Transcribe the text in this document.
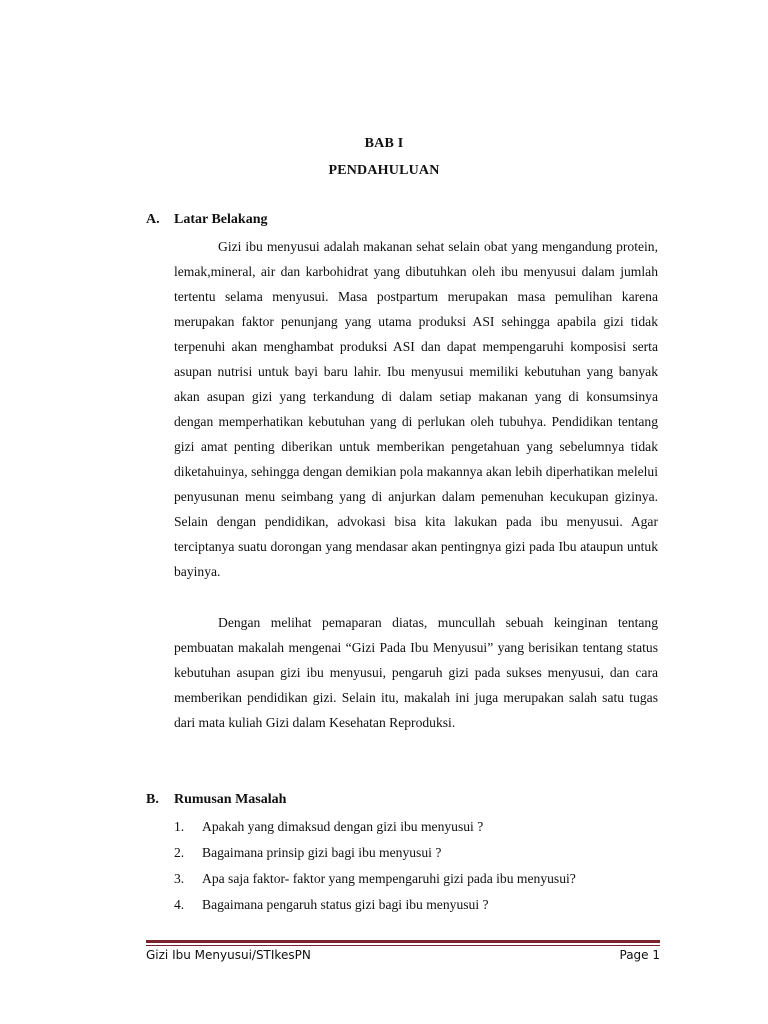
BAB I
PENDAHULUAN
A. Latar Belakang

Gizi ibu menyusui adalah makanan sehat selain obat yang mengandung protein, lemak,mineral, air dan karbohidrat yang dibutuhkan oleh ibu menyusui dalam jumlah tertentu selama menyusui. Masa postpartum merupakan masa pemulihan karena merupakan faktor penunjang yang utama produksi ASI sehingga apabila gizi tidak terpenuhi akan menghambat produksi ASI dan dapat mempengaruhi komposisi serta asupan nutrisi untuk bayi baru lahir. Ibu menyusui memiliki kebutuhan yang banyak akan asupan gizi yang terkandung di dalam setiap makanan yang di konsumsinya dengan memperhatikan kebutuhan yang di perlukan oleh tubuhya. Pendidikan tentang gizi amat penting diberikan untuk memberikan pengetahuan yang sebelumnya tidak diketahuinya, sehingga dengan demikian pola makannya akan lebih diperhatikan melelui penyusunan menu seimbang yang di anjurkan dalam pemenuhan kecukupan gizinya. Selain dengan pendidikan, advokasi bisa kita lakukan pada ibu menyusui. Agar terciptanya suatu dorongan yang mendasar akan pentingnya gizi pada Ibu ataupun untuk bayinya.

Dengan melihat pemaparan diatas, muncullah sebuah keinginan tentang pembuatan makalah mengenai “Gizi Pada Ibu Menyusui” yang berisikan tentang status kebutuhan asupan gizi ibu menyusui, pengaruh gizi pada sukses menyusui, dan cara memberikan pendidikan gizi. Selain itu, makalah ini juga merupakan salah satu tugas dari mata kuliah Gizi dalam Kesehatan Reproduksi.

B. Rumusan Masalah
1. Apakah yang dimaksud dengan gizi ibu menyusui ?
2. Bagaimana prinsip gizi bagi ibu menyusui ?
3. Apa saja faktor- faktor yang mempengaruhi gizi pada ibu menyusui?
4. Bagaimana pengaruh status gizi bagi ibu menyusui ?
Gizi Ibu Menyusui/STIkesPN	Page 1
